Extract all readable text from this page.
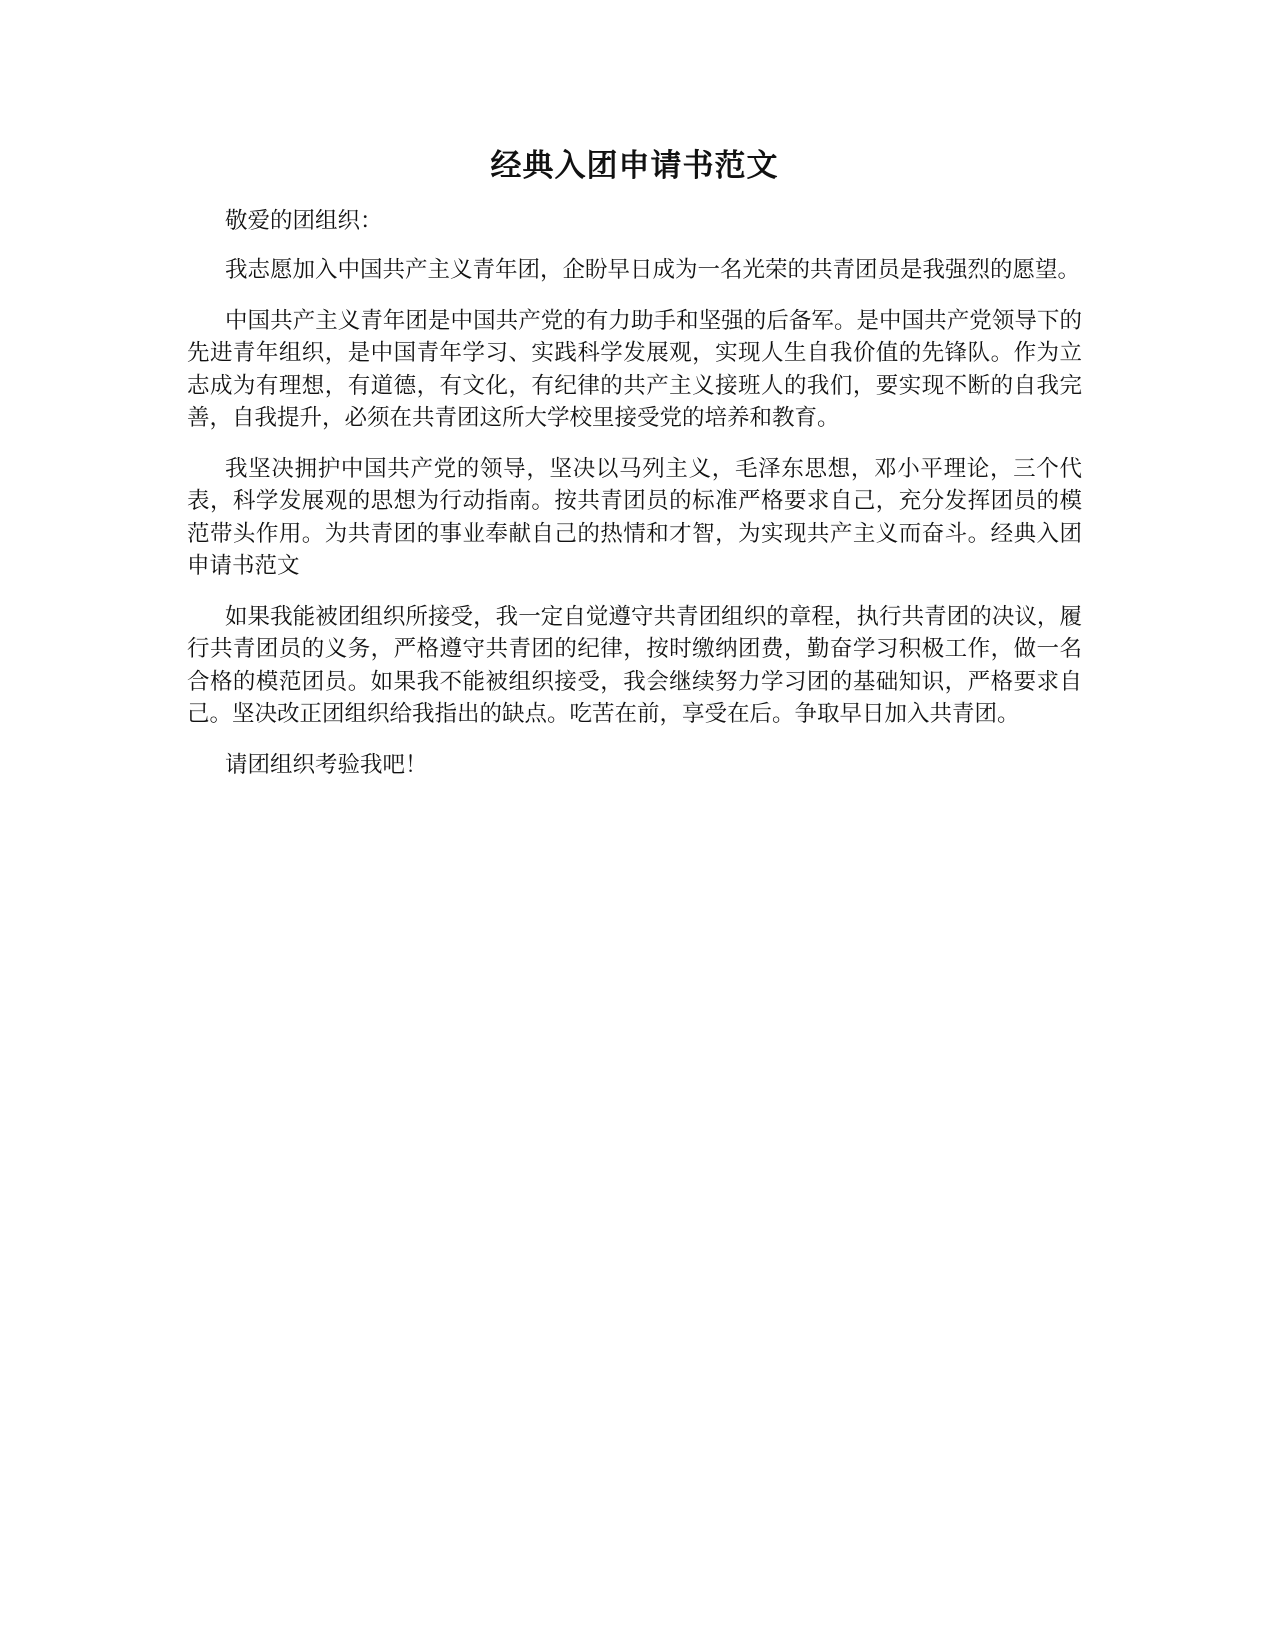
经典入团申请书范文

敬爱的团组织：

我志愿加入中国共产主义青年团，企盼早日成为一名光荣的共青团员是我强烈的愿望。

中国共产主义青年团是中国共产党的有力助手和坚强的后备军。是中国共产党领导下的先进青年组织，是中国青年学习、实践科学发展观，实现人生自我价值的先锋队。作为立志成为有理想，有道德，有文化，有纪律的共产主义接班人的我们，要实现不断的自我完善，自我提升，必须在共青团这所大学校里接受党的培养和教育。

我坚决拥护中国共产党的领导，坚决以马列主义，毛泽东思想，邓小平理论，三个代表，科学发展观的思想为行动指南。按共青团员的标准严格要求自己，充分发挥团员的模范带头作用。为共青团的事业奉献自己的热情和才智，为实现共产主义而奋斗。经典入团申请书范文

如果我能被团组织所接受，我一定自觉遵守共青团组织的章程，执行共青团的决议，履行共青团员的义务，严格遵守共青团的纪律，按时缴纳团费，勤奋学习积极工作，做一名合格的模范团员。如果我不能被组织接受，我会继续努力学习团的基础知识，严格要求自己。坚决改正团组织给我指出的缺点。吃苦在前，享受在后。争取早日加入共青团。

请团组织考验我吧！
